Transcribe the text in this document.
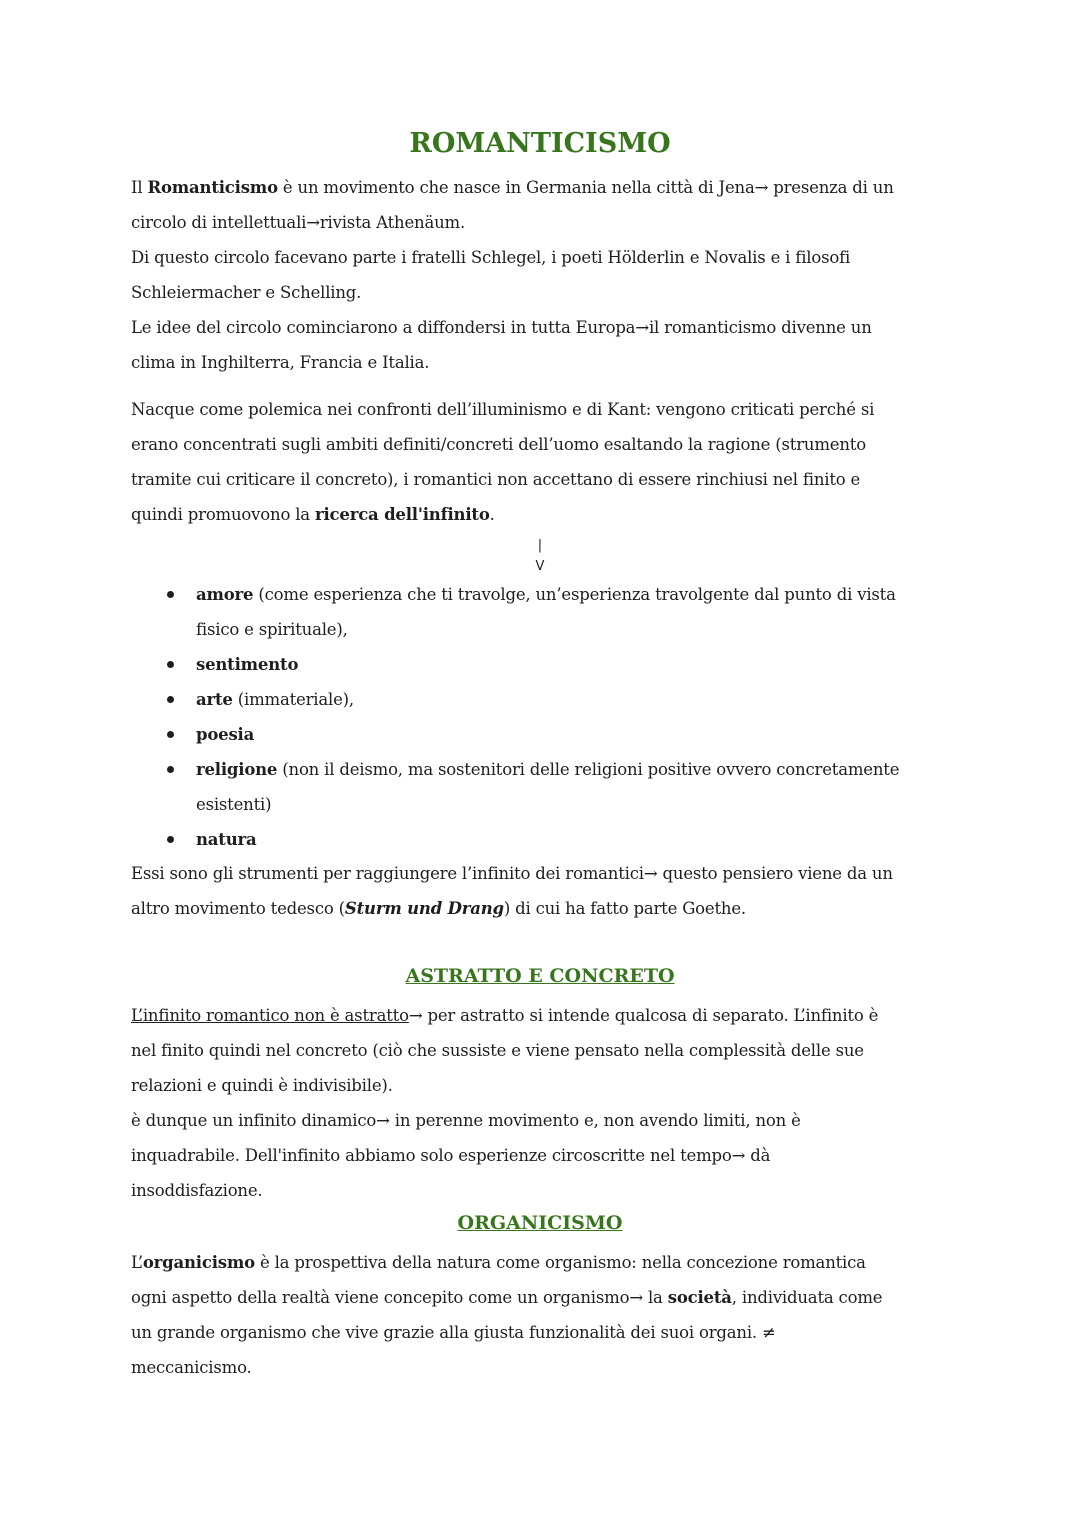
ROMANTICISMO
Il Romanticismo è un movimento che nasce in Germania nella città di Jena→ presenza di un
circolo di intellettuali→rivista Athenäum.
Di questo circolo facevano parte i fratelli Schlegel, i poeti Hölderlin e Novalis e i filosofi
Schleiermacher e Schelling.
Le idee del circolo cominciarono a diffondersi in tutta Europa→il romanticismo divenne un
clima in Inghilterra, Francia e Italia.
Nacque come polemica nei confronti dell’illuminismo e di Kant: vengono criticati perché si
erano concentrati sugli ambiti definiti/concreti dell’uomo esaltando la ragione (strumento
tramite cui criticare il concreto), i romantici non accettano di essere rinchiusi nel finito e
quindi promuovono la ricerca dell'infinito.
|
V
amore (come esperienza che ti travolge, un’esperienza travolgente dal punto di vista
fisico e spirituale),
sentimento
arte (immateriale),
poesia
religione (non il deismo, ma sostenitori delle religioni positive ovvero concretamente
esistenti)
natura
Essi sono gli strumenti per raggiungere l’infinito dei romantici→ questo pensiero viene da un
altro movimento tedesco (Sturm und Drang) di cui ha fatto parte Goethe.
ASTRATTO E CONCRETO
L’infinito romantico non è astratto→ per astratto si intende qualcosa di separato. L’infinito è
nel finito quindi nel concreto (ciò che sussiste e viene pensato nella complessità delle sue
relazioni e quindi è indivisibile).
è dunque un infinito dinamico→ in perenne movimento e, non avendo limiti, non è
inquadrabile. Dell'infinito abbiamo solo esperienze circoscritte nel tempo→ dà
insoddisfazione.
ORGANICISMO
L’organicismo è la prospettiva della natura come organismo: nella concezione romantica
ogni aspetto della realtà viene concepito come un organismo→ la società, individuata come
un grande organismo che vive grazie alla giusta funzionalità dei suoi organi. ≠
meccanicismo.
